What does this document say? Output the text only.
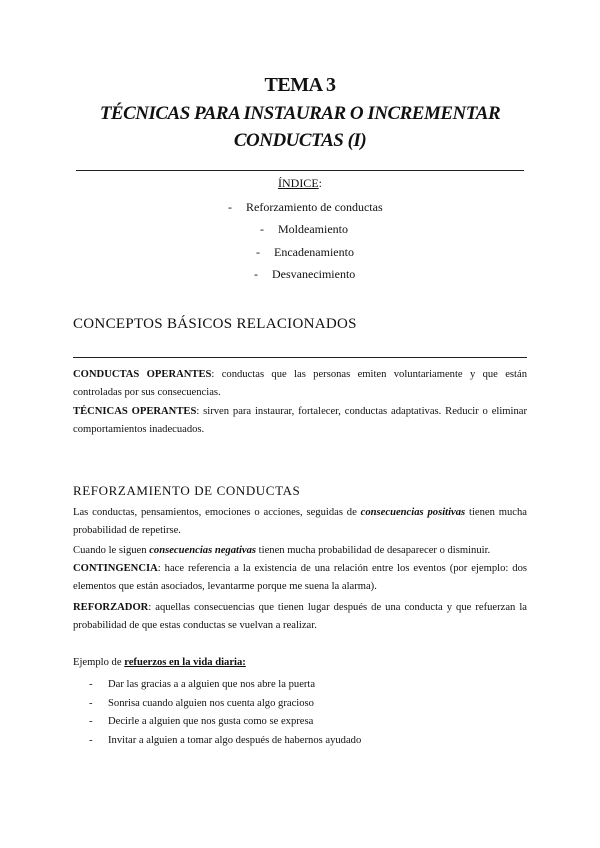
TEMA 3
TÉCNICAS PARA INSTAURAR O INCREMENTAR
CONDUCTAS (I)
ÍNDICE:
- Reforzamiento de conductas
- Moldeamiento
- Encadenamiento
- Desvanecimiento
CONCEPTOS BÁSICOS RELACIONADOS
CONDUCTAS OPERANTES: conductas que las personas emiten voluntariamente y que están controladas por sus consecuencias.
TÉCNICAS OPERANTES: sirven para instaurar, fortalecer, conductas adaptativas. Reducir o eliminar comportamientos inadecuados.
REFORZAMIENTO DE CONDUCTAS
Las conductas, pensamientos, emociones o acciones, seguidas de consecuencias positivas tienen mucha probabilidad de repetirse.
Cuando le siguen consecuencias negativas tienen mucha probabilidad de desaparecer o disminuir.
CONTINGENCIA: hace referencia a la existencia de una relación entre los eventos (por ejemplo: dos elementos que están asociados, levantarme porque me suena la alarma).
REFORZADOR: aquellas consecuencias que tienen lugar después de una conducta y que refuerzan la probabilidad de que estas conductas se vuelvan a realizar.
Ejemplo de refuerzos en la vida diaria:
- Dar las gracias a a alguien que nos abre la puerta
- Sonrisa cuando alguien nos cuenta algo gracioso
- Decirle a alguien que nos gusta como se expresa
- Invitar a alguien a tomar algo después de habernos ayudado
